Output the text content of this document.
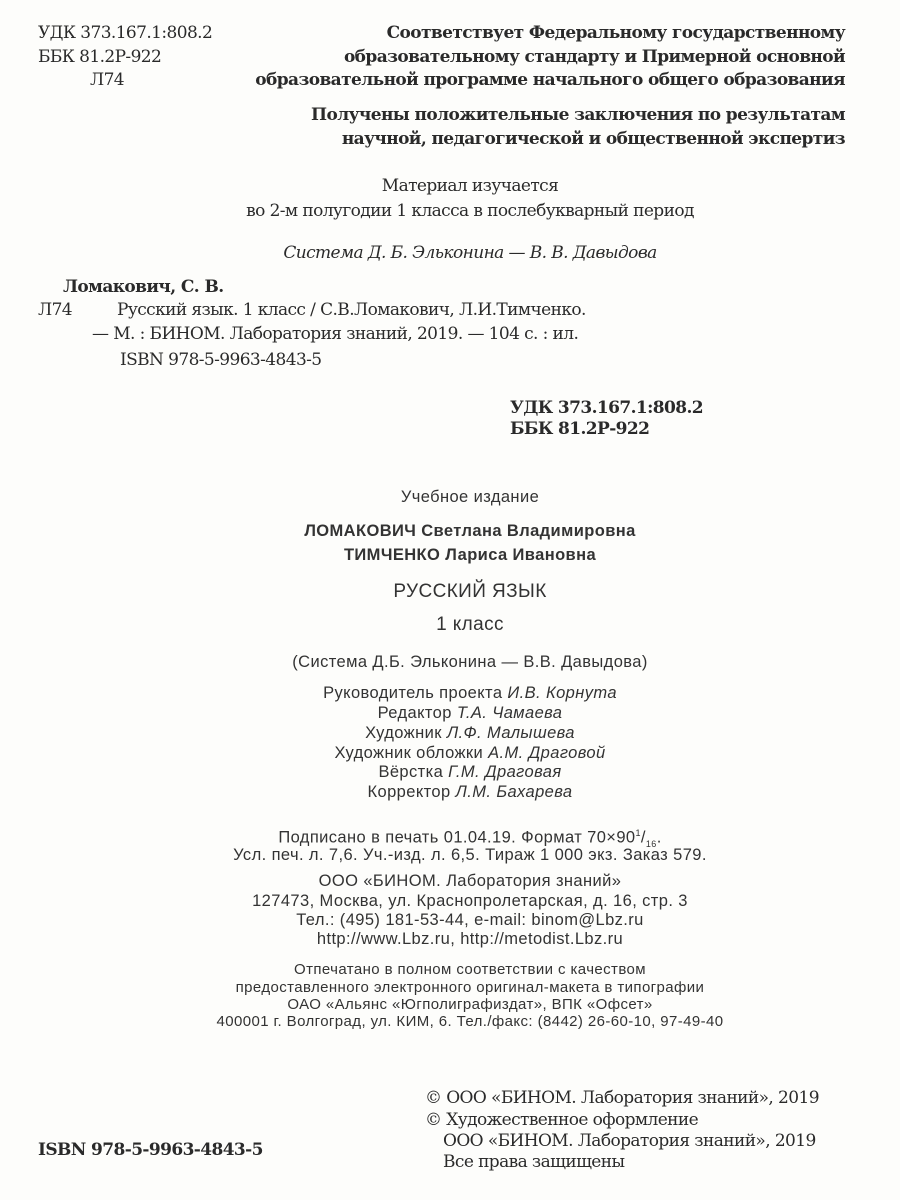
УДК 373.167.1:808.2
ББК 81.2Р-922
Л74
Соответствует Федеральному государственному
образовательному стандарту и Примерной основной
образовательной программе начального общего образования
Получены положительные заключения по результатам
научной, педагогической и общественной экспертиз
Материал изучается
во 2-м полугодии 1 класса в послебукварный период
Система Д. Б. Эльконина — В. В. Давыдова
Ломакович, С. В.
Л74	Русский язык. 1 класс / С.В.Ломакович, Л.И.Тимченко.
— М. : БИНОМ. Лаборатория знаний, 2019. — 104 с. : ил.
ISBN 978-5-9963-4843-5
УДК 373.167.1:808.2
ББК 81.2Р-922
Учебное издание
ЛОМАКОВИЧ Светлана Владимировна
ТИМЧЕНКО Лариса Ивановна
РУССКИЙ ЯЗЫК
1 класс
(Система Д.Б. Эльконина — В.В. Давыдова)
Руководитель проекта И.В. Корнута
Редактор Т.А. Чамаева
Художник Л.Ф. Малышева
Художник обложки А.М. Драговой
Вёрстка Г.М. Драговая
Корректор Л.М. Бахарева
Подписано в печать 01.04.19. Формат $70\times 90^1/_{16}$.
Усл. печ. л. 7,6. Уч.-изд. л. 6,5. Тираж 1 000 экз. Заказ 579.
ООО «БИНОМ. Лаборатория знаний»
127473, Москва, ул. Краснопролетарская, д. 16, стр. 3
Тел.: (495) 181-53-44, e-mail: binom@Lbz.ru
http://www.Lbz.ru, http://metodist.Lbz.ru
Отпечатано в полном соответствии с качеством
предоставленного электронного оригинал-макета в типографии
ОАО «Альянс «Югполиграфиздат», ВПК «Офсет»
400001 г. Волгоград, ул. КИМ, 6. Тел./факс: (8442) 26-60-10, 97-49-40
ISBN 978-5-9963-4843-5
© ООО «БИНОМ. Лаборатория знаний», 2019
© Художественное оформление
ООО «БИНОМ. Лаборатория знаний», 2019
Все права защищены
